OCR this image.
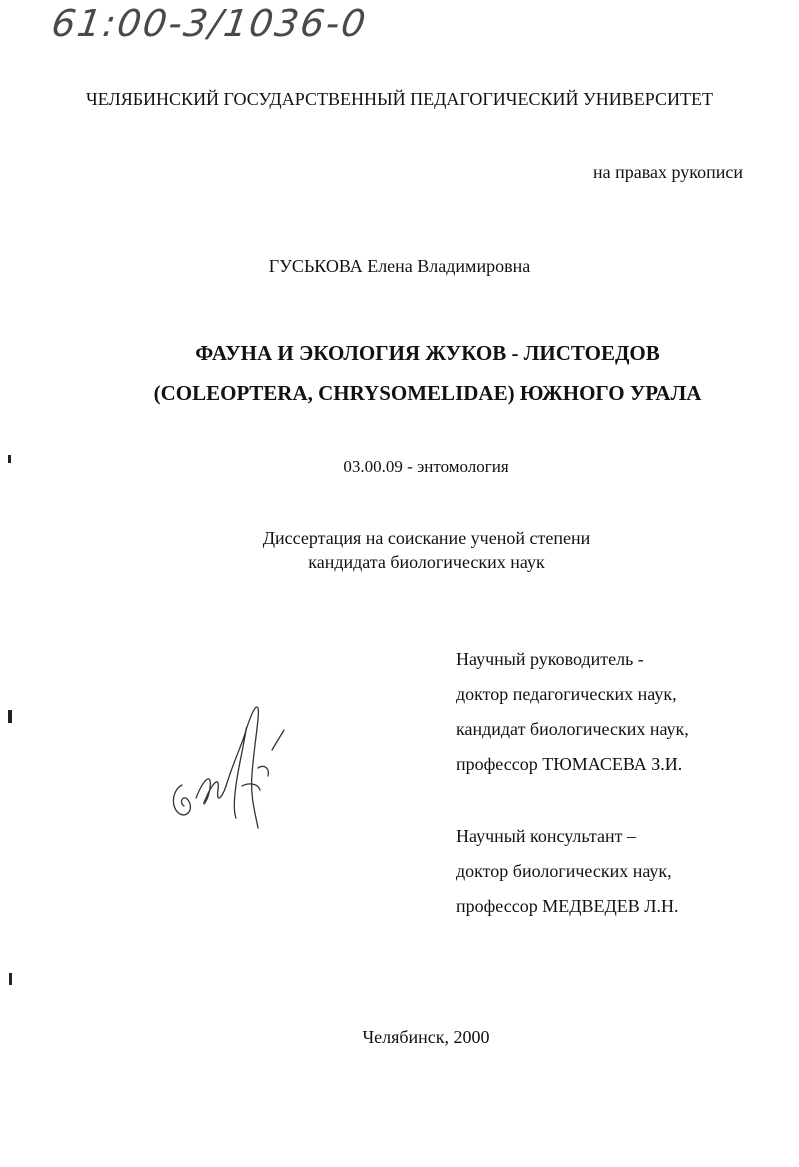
61:00-3/1036-0
ЧЕЛЯБИНСКИЙ ГОСУДАРСТВЕННЫЙ ПЕДАГОГИЧЕСКИЙ УНИВЕРСИТЕТ
на правах рукописи
ГУСЬКОВА Елена Владимировна
ФАУНА И ЭКОЛОГИЯ ЖУКОВ - ЛИСТОЕДОВ
(COLEOPTERA, CHRYSOMELIDAE) ЮЖНОГО УРАЛА
03.00.09 - энтомология
Диссертация на соискание ученой степени
кандидата биологических наук
Научный руководитель -
доктор педагогических наук,
кандидат биологических наук,
профессор ТЮМАСЕВА З.И.
Научный консультант –
доктор биологических наук,
профессор МЕДВЕДЕВ Л.Н.
Челябинск, 2000
